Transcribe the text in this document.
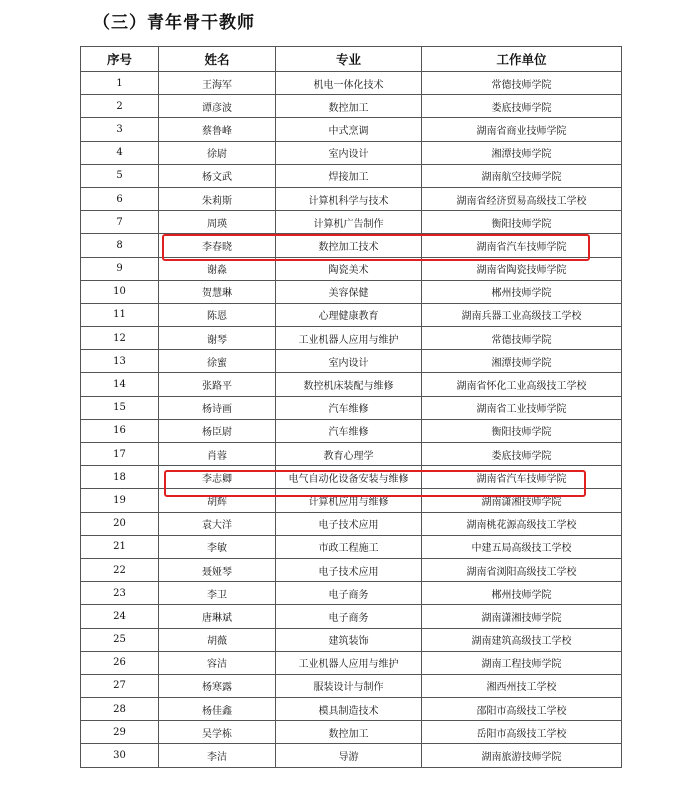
（三）青年骨干教师
序号	姓名	专业	工作单位
1	王海军	机电一体化技术	常德技师学院
2	谭彦波	数控加工	娄底技师学院
3	蔡鲁峰	中式烹调	湖南省商业技师学院
4	徐尉	室内设计	湘潭技师学院
5	杨文武	焊接加工	湖南航空技师学院
6	朱莉斯	计算机科学与技术	湖南省经济贸易高级技工学校
7	周瑛	计算机广告制作	衡阳技师学院
8	李春晓	数控加工技术	湖南省汽车技师学院
9	谢淼	陶瓷美术	湖南省陶瓷技师学院
10	贺慧琳	美容保健	郴州技师学院
11	陈恩	心理健康教育	湖南兵器工业高级技工学校
12	谢琴	工业机器人应用与维护	常德技师学院
13	徐蜜	室内设计	湘潭技师学院
14	张路平	数控机床装配与维修	湖南省怀化工业高级技工学校
15	杨诗画	汽车维修	湖南省工业技师学院
16	杨臣尉	汽车维修	衡阳技师学院
17	肖蓉	教育心理学	娄底技师学院
18	李志卿	电气自动化设备安装与维修	湖南省汽车技师学院
19	胡辉	计算机应用与维修	湖南潇湘技师学院
20	袁大洋	电子技术应用	湖南桃花源高级技工学校
21	李敏	市政工程施工	中建五局高级技工学校
22	聂娅琴	电子技术应用	湖南省浏阳高级技工学校
23	李卫	电子商务	郴州技师学院
24	唐琳斌	电子商务	湖南潇湘技师学院
25	胡薇	建筑装饰	湖南建筑高级技工学校
26	容洁	工业机器人应用与维护	湖南工程技师学院
27	杨寒露	服装设计与制作	湘西州技工学校
28	杨佳鑫	模具制造技术	邵阳市高级技工学校
29	吴学栋	数控加工	岳阳市高级技工学校
30	李洁	导游	湖南旅游技师学院
